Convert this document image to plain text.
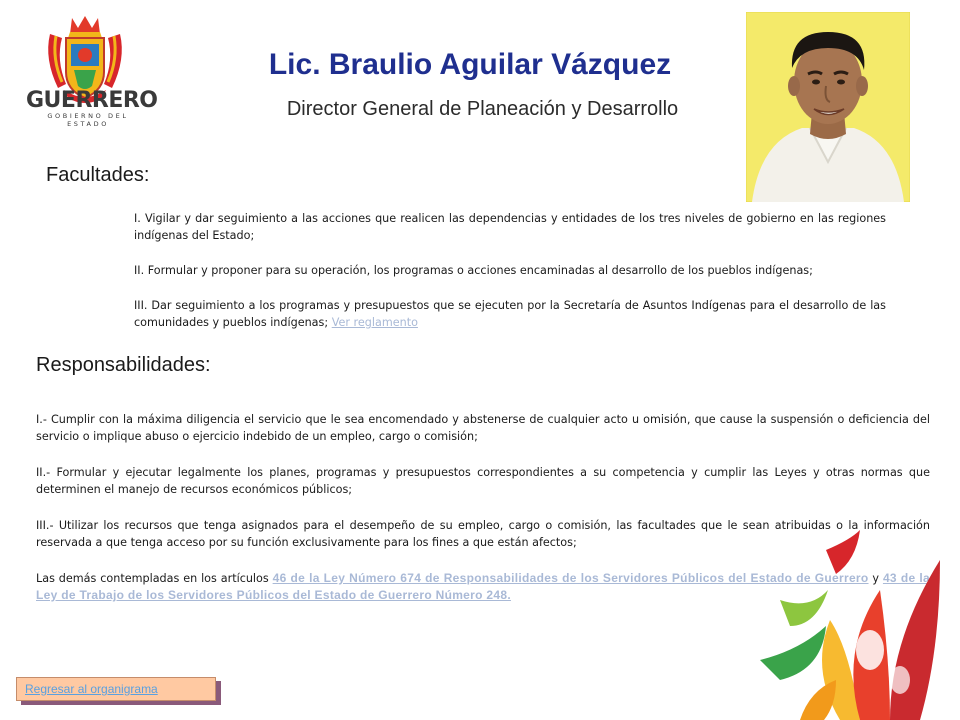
GUERRERO
GOBIERNO DEL ESTADO
Lic. Braulio Aguilar Vázquez
Director General de Planeación y Desarrollo
Facultades:
I. Vigilar y dar seguimiento a las acciones que realicen las dependencias y entidades de los tres niveles de gobierno en las regiones indígenas del Estado;
II. Formular y proponer para su operación, los programas o acciones encaminadas al desarrollo de los pueblos indígenas;
III. Dar seguimiento a los programas y presupuestos que se ejecuten por la Secretaría de Asuntos Indígenas para el desarrollo de las comunidades y pueblos indígenas; Ver reglamento
Responsabilidades:
I.- Cumplir con la máxima diligencia el servicio que le sea encomendado y abstenerse de cualquier acto u omisión, que cause la suspensión o deficiencia del servicio o implique abuso o ejercicio indebido de un empleo, cargo o comisión;
II.- Formular y ejecutar legalmente los planes, programas y presupuestos correspondientes a su competencia y cumplir las Leyes y otras normas que determinen el manejo de recursos económicos públicos;
III.- Utilizar los recursos que tenga asignados para el desempeño de su empleo, cargo o comisión, las facultades que le sean atribuidas o la información reservada a que tenga acceso por su función exclusivamente para los fines a que están afectos;
Las demás contempladas en los artículos 46 de la Ley Número 674 de Responsabilidades de los Servidores Públicos del Estado de Guerrero y 43 de la Ley de Trabajo de los Servidores Públicos del Estado de Guerrero Número 248.
Regresar al organigrama
